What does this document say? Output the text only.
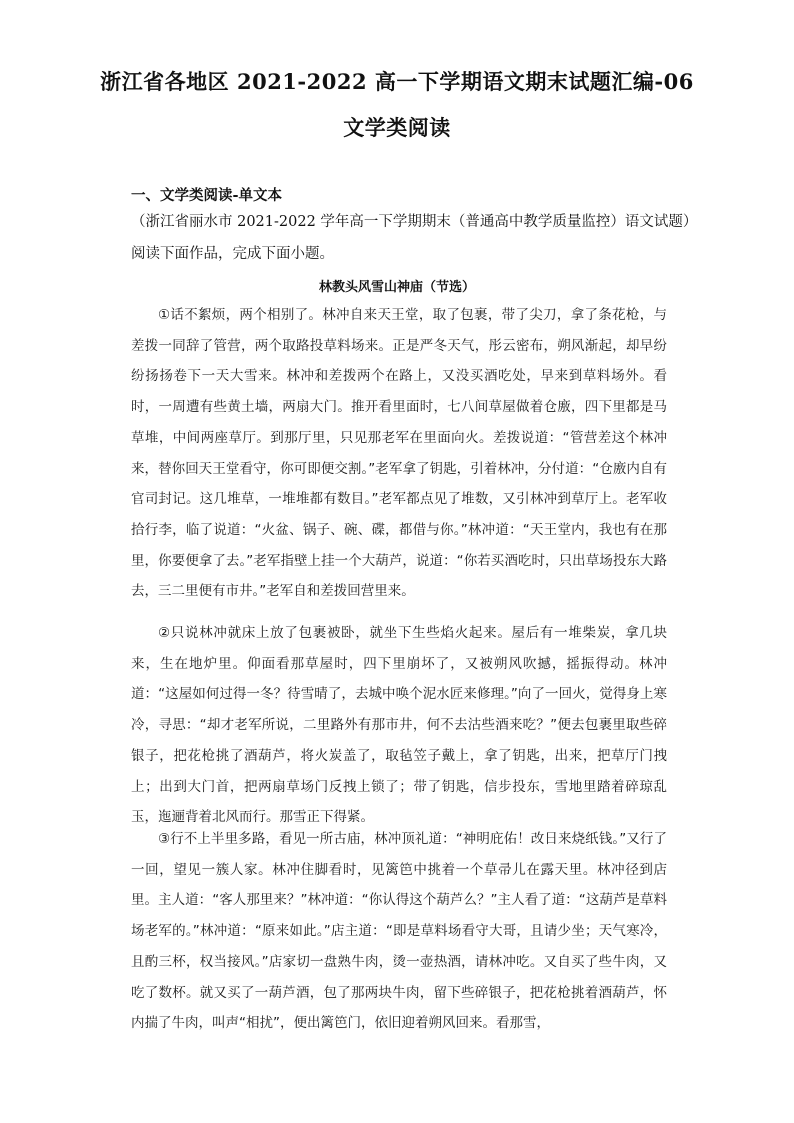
浙江省各地区 2021-2022 高一下学期语文期末试题汇编-06
文学类阅读
一、文学类阅读-单文本
（浙江省丽水市 2021-2022 学年高一下学期期末（普通高中教学质量监控）语文试题）
阅读下面作品，完成下面小题。
林教头风雪山神庙（节选）

①话不絮烦，两个相别了。林冲自来天王堂，取了包裹，带了尖刀，拿了条花枪，与差拨一同辞了管营，两个取路投草料场来。正是严冬天气，彤云密布，朔风渐起，却早纷纷扬扬卷下一天大雪来。林冲和差拨两个在路上，又没买酒吃处，早来到草料场外。看时，一周遭有些黄土墙，两扇大门。推开看里面时，七八间草屋做着仓廒，四下里都是马草堆，中间两座草厅。到那厅里，只见那老军在里面向火。差拨说道：“管营差这个林冲来，替你回天王堂看守，你可即便交割。”老军拿了钥匙，引着林冲，分付道：“仓廒内自有官司封记。这几堆草，一堆堆都有数目。”老军都点见了堆数，又引林冲到草厅上。老军收拾行李，临了说道：“火盆、锅子、碗、碟，都借与你。”林冲道：“天王堂内，我也有在那里，你要便拿了去。”老军指壁上挂一个大葫芦，说道：“你若买酒吃时，只出草场投东大路去，三二里便有市井。”老军自和差拨回营里来。

②只说林冲就床上放了包裹被卧，就坐下生些焰火起来。屋后有一堆柴炭，拿几块来，生在地炉里。仰面看那草屋时，四下里崩坏了，又被朔风吹撼，摇振得动。林冲道：“这屋如何过得一冬？待雪晴了，去城中唤个泥水匠来修理。”向了一回火，觉得身上寒冷，寻思：“却才老军所说，二里路外有那市井，何不去沽些酒来吃？”便去包裹里取些碎银子，把花枪挑了酒葫芦，将火炭盖了，取毡笠子戴上，拿了钥匙，出来，把草厅门拽上；出到大门首，把两扇草场门反拽上锁了；带了钥匙，信步投东，雪地里踏着碎琼乱玉，迤逦背着北风而行。那雪正下得紧。

③行不上半里多路，看见一所古庙，林冲顶礼道：“神明庇佑！改日来烧纸钱。”又行了一回，望见一簇人家。林冲住脚看时，见篱笆中挑着一个草帚儿在露天里。林冲径到店里。主人道：“客人那里来？”林冲道：“你认得这个葫芦么？”主人看了道：“这葫芦是草料场老军的。”林冲道：“原来如此。”店主道：“即是草料场看守大哥，且请少坐；天气寒冷，且酌三杯，权当接风。”店家切一盘熟牛肉，烫一壶热酒，请林冲吃。又自买了些牛肉，又吃了数杯。就又买了一葫芦酒，包了那两块牛肉，留下些碎银子，把花枪挑着酒葫芦，怀内揣了牛肉，叫声“相扰”，便出篱笆门，依旧迎着朔风回来。看那雪，
